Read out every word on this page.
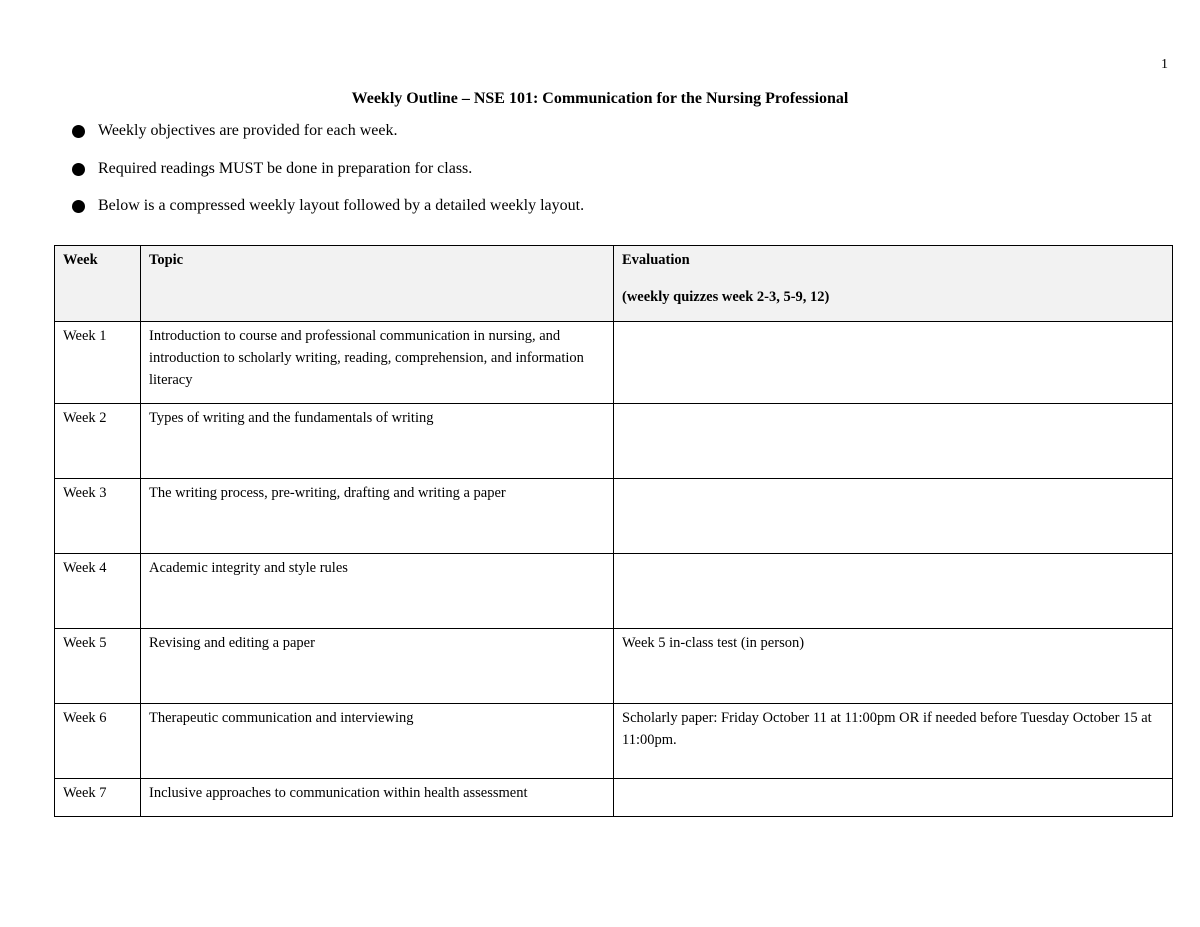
1
Weekly Outline – NSE 101: Communication for the Nursing Professional
Weekly objectives are provided for each week.
Required readings MUST be done in preparation for class.
Below is a compressed weekly layout followed by a detailed weekly layout.
Week	Topic	Evaluation
(weekly quizzes week 2-3, 5-9, 12)

Week 1	Introduction to course and professional communication in nursing, and introduction to scholarly writing, reading, comprehension, and information literacy	
Week 2	Types of writing and the fundamentals of writing	
Week 3	The writing process, pre-writing, drafting and writing a paper	
Week 4	Academic integrity and style rules	
Week 5	Revising and editing a paper	Week 5 in-class test (in person)
Week 6	Therapeutic communication and interviewing	Scholarly paper: Friday October 11 at 11:00pm OR if needed before Tuesday October 15 at 11:00pm.
Week 7	Inclusive approaches to communication within health assessment	
